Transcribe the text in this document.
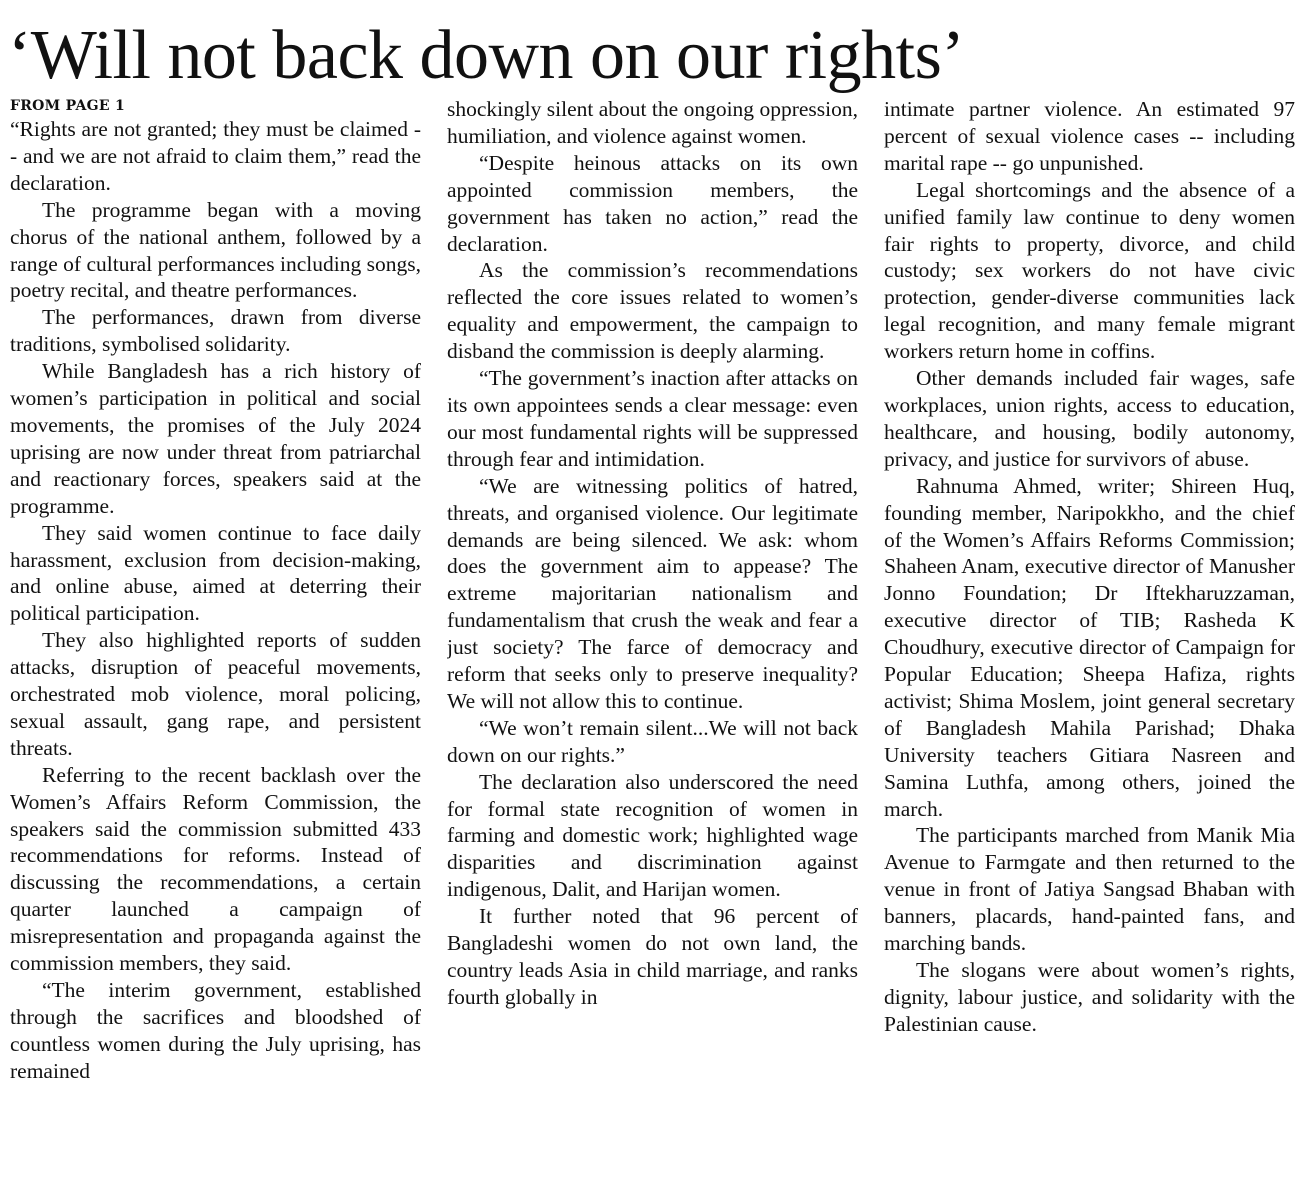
‘Will not back down on our rights’
FROM PAGE 1

“Rights are not granted; they must be claimed -- and we are not afraid to claim them,” read the declaration.

The programme began with a moving chorus of the national anthem, followed by a range of cultural performances including songs, poetry recital, and theatre performances.

The performances, drawn from diverse traditions, symbolised solidarity.

While Bangladesh has a rich history of women’s participation in political and social movements, the promises of the July 2024 uprising are now under threat from patriarchal and reactionary forces, speakers said at the programme.

They said women continue to face daily harassment, exclusion from decision-making, and online abuse, aimed at deterring their political participation.

They also highlighted reports of sudden attacks, disruption of peaceful movements, orchestrated mob violence, moral policing, sexual assault, gang rape, and persistent threats.

Referring to the recent backlash over the Women’s Affairs Reform Commission, the speakers said the commission submitted 433 recommendations for reforms. Instead of discussing the recommendations, a certain quarter launched a campaign of misrepresentation and propaganda against the commission members, they said.

“The interim government, established through the sacrifices and bloodshed of countless women during the July uprising, has remained

shockingly silent about the ongoing oppression, humiliation, and violence against women.

“Despite heinous attacks on its own appointed commission members, the government has taken no action,” read the declaration.

As the commission’s recommendations reflected the core issues related to women’s equality and empowerment, the campaign to disband the commission is deeply alarming.

“The government’s inaction after attacks on its own appointees sends a clear message: even our most fundamental rights will be suppressed through fear and intimidation.

“We are witnessing politics of hatred, threats, and organised violence. Our legitimate demands are being silenced. We ask: whom does the government aim to appease? The extreme majoritarian nationalism and fundamentalism that crush the weak and fear a just society? The farce of democracy and reform that seeks only to preserve inequality? We will not allow this to continue.

“We won’t remain silent...We will not back down on our rights.”

The declaration also underscored the need for formal state recognition of women in farming and domestic work; highlighted wage disparities and discrimination against indigenous, Dalit, and Harijan women.

It further noted that 96 percent of Bangladeshi women do not own land, the country leads Asia in child marriage, and ranks fourth globally in

intimate partner violence. An estimated 97 percent of sexual violence cases -- including marital rape -- go unpunished.

Legal shortcomings and the absence of a unified family law continue to deny women fair rights to property, divorce, and child custody; sex workers do not have civic protection, gender-diverse communities lack legal recognition, and many female migrant workers return home in coffins.

Other demands included fair wages, safe workplaces, union rights, access to education, healthcare, and housing, bodily autonomy, privacy, and justice for survivors of abuse.

Rahnuma Ahmed, writer; Shireen Huq, founding member, Naripokkho, and the chief of the Women’s Affairs Reforms Commission; Shaheen Anam, executive director of Manusher Jonno Foundation; Dr Iftekharuzzaman, executive director of TIB; Rasheda K Choudhury, executive director of Campaign for Popular Education; Sheepa Hafiza, rights activist; Shima Moslem, joint general secretary of Bangladesh Mahila Parishad; Dhaka University teachers Gitiara Nasreen and Samina Luthfa, among others, joined the march.

The participants marched from Manik Mia Avenue to Farmgate and then returned to the venue in front of Jatiya Sangsad Bhaban with banners, placards, hand-painted fans, and marching bands.

The slogans were about women’s rights, dignity, labour justice, and solidarity with the Palestinian cause.
